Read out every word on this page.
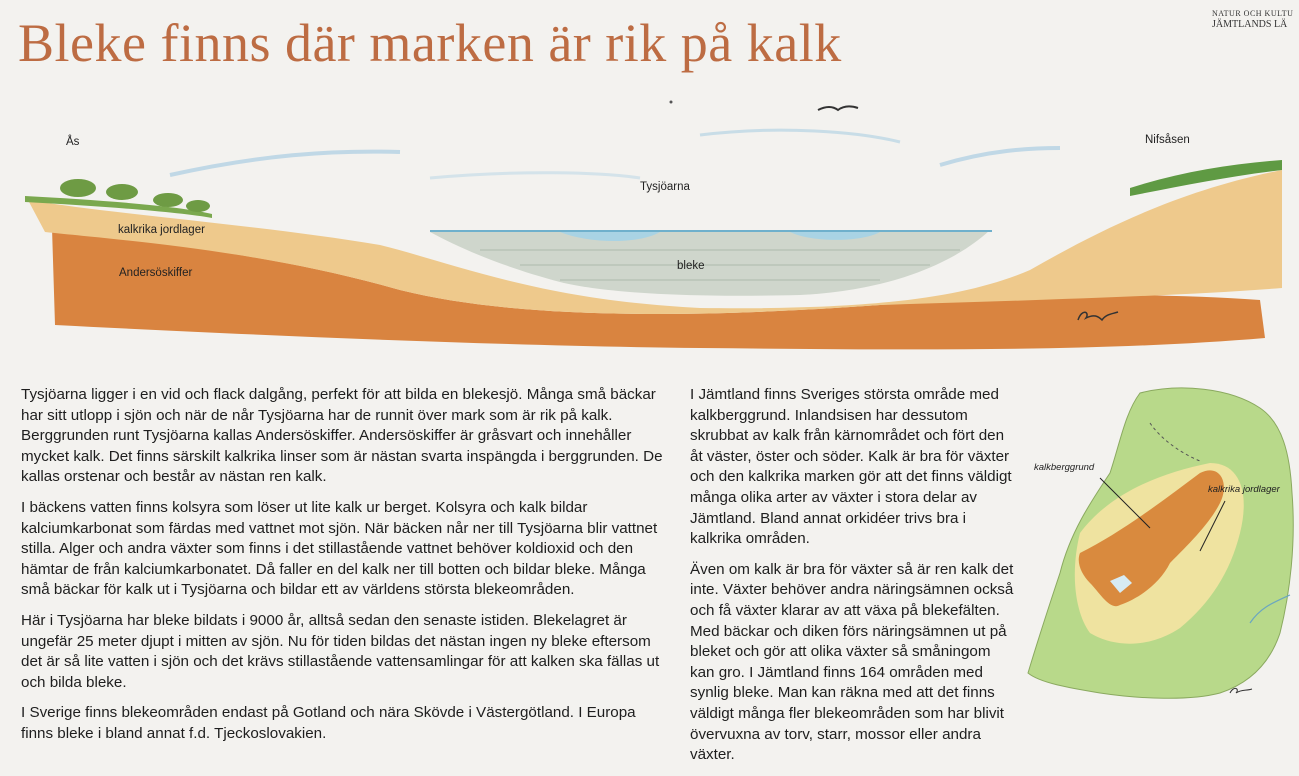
Bleke finns där marken är rik på kalk	NATUR OCH KULTU
JÄMTLANDS LÄ
Ås	Nifsåsen
Tysjöarna
kalkrika jordlager
Andersöskiffer
bleke

Tysjöarna ligger i en vid och flack dalgång, perfekt för att bilda en blekesjö. Många små bäckar har sitt utlopp i sjön och när de når Tysjöarna har de runnit över mark som är rik på kalk. Berggrunden runt Tysjöarna kallas Andersöskiffer. Andersöskiffer är gråsvart och innehåller mycket kalk. Det finns särskilt kalkrika linser som är nästan svarta inspängda i berggrunden. De kallas orstenar och består av nästan ren kalk.

I bäckens vatten finns kolsyra som löser ut lite kalk ur berget. Kolsyra och kalk bildar kalciumkarbonat som färdas med vattnet mot sjön. När bäcken når ner till Tysjöarna blir vattnet stilla. Alger och andra växter som finns i det stillastående vattnet behöver koldioxid och den hämtar de från kalciumkarbonatet. Då faller en del kalk ner till botten och bildar bleke. Många små bäckar för kalk ut i Tysjöarna och bildar ett av världens största blekeområden.

Här i Tysjöarna har bleke bildats i 9000 år, alltså sedan den senaste istiden. Blekelagret är ungefär 25 meter djupt i mitten av sjön. Nu för tiden bildas det nästan ingen ny bleke eftersom det är så lite vatten i sjön och det krävs stillastående vattensamlingar för att kalken ska fällas ut och bilda bleke.

I Sverige finns blekeområden endast på Gotland och nära Skövde i Västergötland. I Europa finns bleke i bland annat f.d. Tjeckoslovakien.

I Jämtland finns Sveriges största område med kalkberggrund. Inlandsisen har dessutom skrubbat av kalk från kärnområdet och fört den åt väster, öster och söder. Kalk är bra för växter och den kalkrika marken gör att det finns väldigt många olika arter av växter i stora delar av Jämtland. Bland annat orkidéer trivs bra i kalkrika områden.

Även om kalk är bra för växter så är ren kalk det inte. Växter behöver andra näringsämnen också och få växter klarar av att växa på blekefälten. Med bäckar och diken förs näringsämnen ut på bleket och gör att olika växter så småningom kan gro. I Jämtland finns 164 områden med synlig bleke. Man kan räkna med att det finns väldigt många fler blekeområden som har blivit övervuxna av torv, starr, mossor eller andra växter.

kalkberggrund
kalkrika jordlager
